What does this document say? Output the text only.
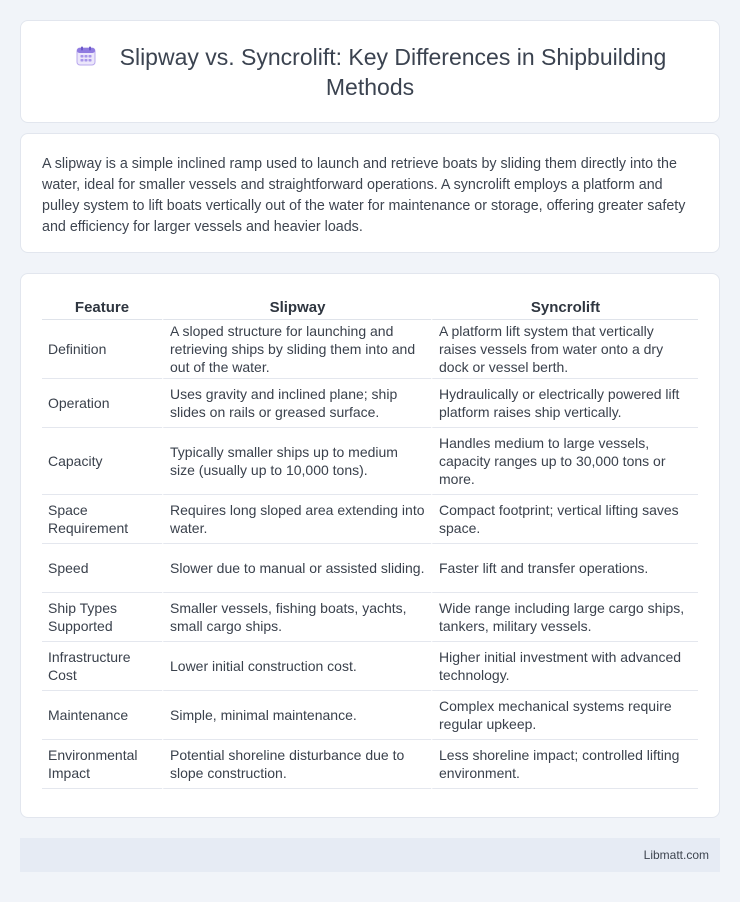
Slipway vs. Syncrolift: Key Differences in Shipbuilding Methods

A slipway is a simple inclined ramp used to launch and retrieve boats by sliding them directly into the water, ideal for smaller vessels and straightforward operations. A syncrolift employs a platform and pulley system to lift boats vertically out of the water for maintenance or storage, offering greater safety and efficiency for larger vessels and heavier loads.

Feature	Slipway	Syncrolift
Definition	A sloped structure for launching and retrieving ships by sliding them into and out of the water.	A platform lift system that vertically raises vessels from water onto a dry dock or vessel berth.
Operation	Uses gravity and inclined plane; ship slides on rails or greased surface.	Hydraulically or electrically powered lift platform raises ship vertically.
Capacity	Typically smaller ships up to medium size (usually up to 10,000 tons).	Handles medium to large vessels, capacity ranges up to 30,000 tons or more.
Space Requirement	Requires long sloped area extending into water.	Compact footprint; vertical lifting saves space.
Speed	Slower due to manual or assisted sliding.	Faster lift and transfer operations.
Ship Types Supported	Smaller vessels, fishing boats, yachts, small cargo ships.	Wide range including large cargo ships, tankers, military vessels.
Infrastructure Cost	Lower initial construction cost.	Higher initial investment with advanced technology.
Maintenance	Simple, minimal maintenance.	Complex mechanical systems require regular upkeep.
Environmental Impact	Potential shoreline disturbance due to slope construction.	Less shoreline impact; controlled lifting environment.
Libmatt.com
